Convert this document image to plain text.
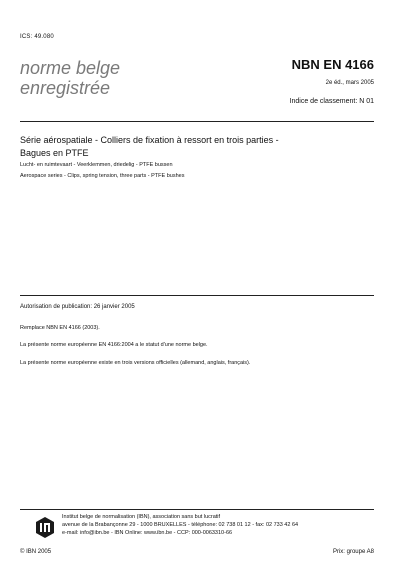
ICS: 49.080
norme belge
enregistrée
NBN EN 4166
2e éd., mars 2005
Indice de classement: N 01
Série aérospatiale - Colliers de fixation à ressort en trois parties -
Bagues en PTFE
Lucht- en ruimtevaart - Veerklemmen, driedelig - PTFE bussen
Aerospace series - Clips, spring tension, three parts - PTFE bushes
Autorisation de publication: 26 janvier 2005
Remplace NBN EN 4166 (2003).
La présente norme européenne EN 4166:2004 a le statut d'une norme belge.
La présente norme européenne existe en trois versions officielles (allemand, anglais, français).
Institut belge de normalisation (IBN), association sans but lucratif
avenue de la Brabançonne 29 - 1000 BRUXELLES - téléphone: 02 738 01 12 - fax: 02 733 42 64
e-mail: info@ibn.be - IBN Online: www.ibn.be - CCP: 000-0063310-66
© IBN 2005	Prix: groupe A8
